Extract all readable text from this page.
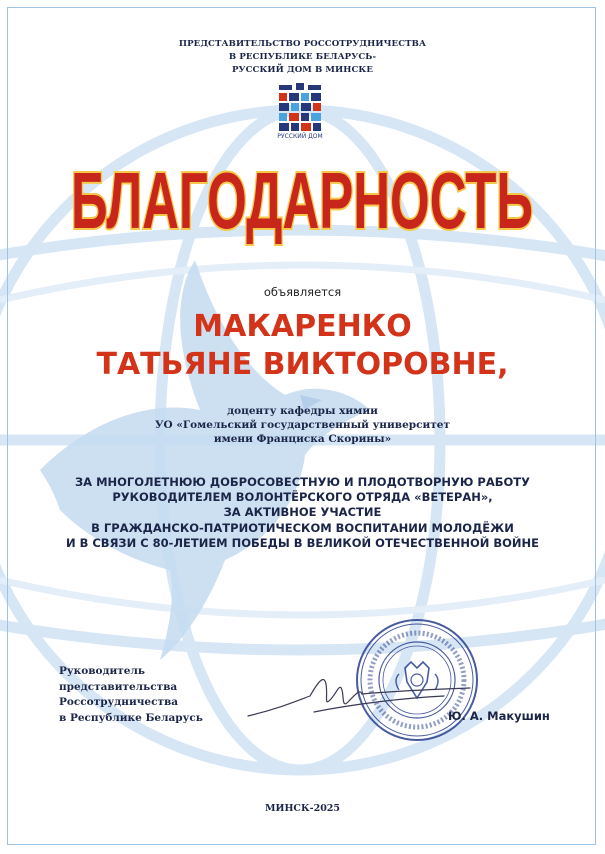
ПРЕДСТАВИТЕЛЬСТВО РОССОТРУДНИЧЕСТВА
В РЕСПУБЛИКЕ БЕЛАРУСЬ-
РУССКИЙ ДОМ В МИНСКЕ
РУССКИЙ ДОМ
БЛАГОДАРНОСТЬ
объявляется
МАКАРЕНКО
ТАТЬЯНЕ ВИКТОРОВНЕ,
доценту кафедры химии
УО «Гомельский государственный университет
имени Франциска Скорины»
ЗА МНОГОЛЕТНЮЮ ДОБРОСОВЕСТНУЮ И ПЛОДОТВОРНУЮ РАБОТУ
РУКОВОДИТЕЛЕМ ВОЛОНТЁРСКОГО ОТРЯДА «ВЕТЕРАН»,
ЗА АКТИВНОЕ УЧАСТИЕ
В ГРАЖДАНСКО-ПАТРИОТИЧЕСКОМ ВОСПИТАНИИ МОЛОДЁЖИ
И В СВЯЗИ С 80-ЛЕТИЕМ ПОБЕДЫ В ВЕЛИКОЙ ОТЕЧЕСТВЕННОЙ ВОЙНЕ
Руководитель
представительства
Россотрудничества
в Республике Беларусь	Ю. А. Макушин
МИНСК-2025
